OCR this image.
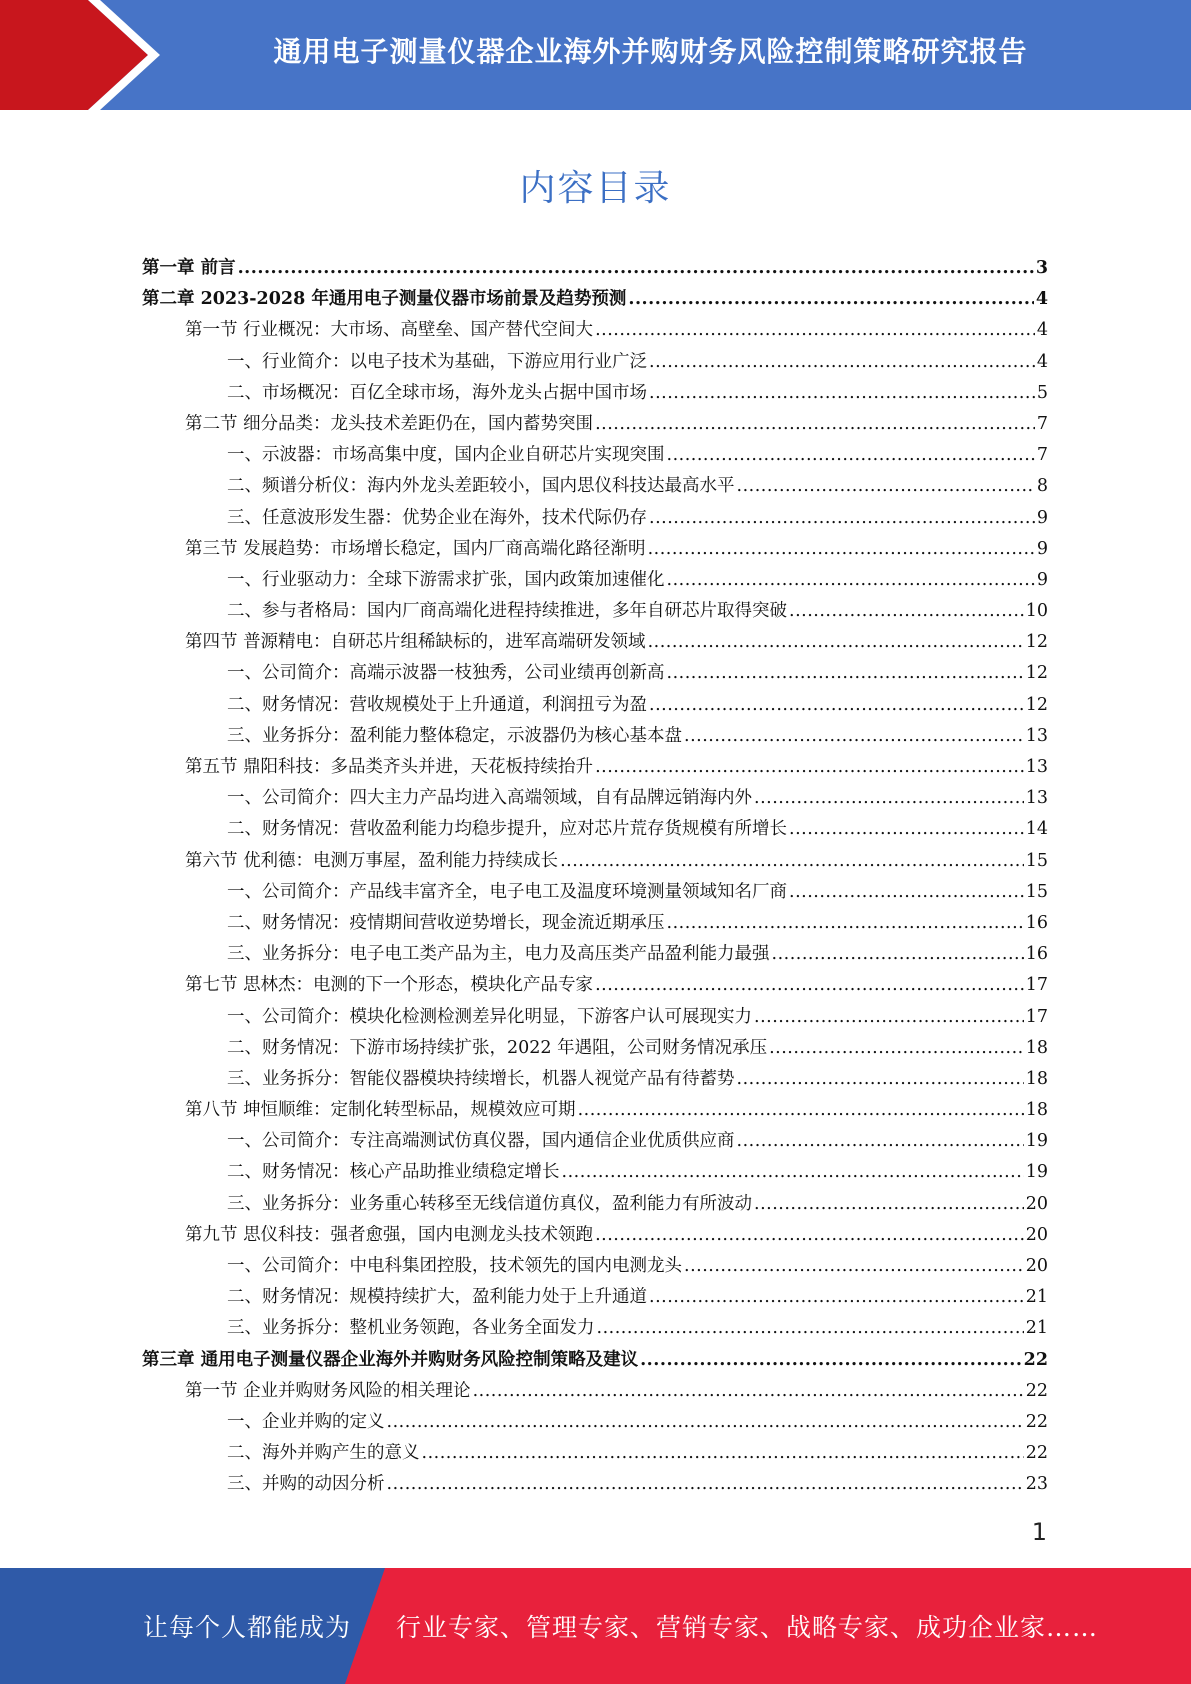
通用电子测量仪器企业海外并购财务风险控制策略研究报告
内容目录
第一章 前言 .....	3
第二章 2023-2028 年通用电子测量仪器市场前景及趋势预测 .....	4
第一节 行业概况：大市场、高壁垒、国产替代空间大 .....	4
一、行业简介：以电子技术为基础，下游应用行业广泛 .....	4
二、市场概况：百亿全球市场，海外龙头占据中国市场 .....	5
第二节 细分品类：龙头技术差距仍在，国内蓄势突围 .....	7
一、示波器：市场高集中度，国内企业自研芯片实现突围 .....	7
二、频谱分析仪：海内外龙头差距较小，国内思仪科技达最高水平 .....	8
三、任意波形发生器：优势企业在海外，技术代际仍存 .....	9
第三节 发展趋势：市场增长稳定，国内厂商高端化路径渐明 .....	9
一、行业驱动力：全球下游需求扩张，国内政策加速催化 .....	9
二、参与者格局：国内厂商高端化进程持续推进，多年自研芯片取得突破 .....	10
第四节 普源精电：自研芯片组稀缺标的，进军高端研发领域 .....	12
一、公司简介：高端示波器一枝独秀，公司业绩再创新高 .....	12
二、财务情况：营收规模处于上升通道，利润扭亏为盈 .....	12
三、业务拆分：盈利能力整体稳定，示波器仍为核心基本盘 .....	13
第五节 鼎阳科技：多品类齐头并进，天花板持续抬升 .....	13
一、公司简介：四大主力产品均进入高端领域，自有品牌远销海内外 .....	13
二、财务情况：营收盈利能力均稳步提升，应对芯片荒存货规模有所增长 .....	14
第六节 优利德：电测万事屋，盈利能力持续成长 .....	15
一、公司简介：产品线丰富齐全，电子电工及温度环境测量领域知名厂商 .....	15
二、财务情况：疫情期间营收逆势增长，现金流近期承压 .....	16
三、业务拆分：电子电工类产品为主，电力及高压类产品盈利能力最强 .....	16
第七节 思林杰：电测的下一个形态，模块化产品专家 .....	17
一、公司简介：模块化检测检测差异化明显，下游客户认可展现实力 .....	17
二、财务情况：下游市场持续扩张，2022 年遇阻，公司财务情况承压 .....	18
三、业务拆分：智能仪器模块持续增长，机器人视觉产品有待蓄势 .....	18
第八节 坤恒顺维：定制化转型标品，规模效应可期 .....	18
一、公司简介：专注高端测试仿真仪器，国内通信企业优质供应商 .....	19
二、财务情况：核心产品助推业绩稳定增长 .....	19
三、业务拆分：业务重心转移至无线信道仿真仪，盈利能力有所波动 .....	20
第九节 思仪科技：强者愈强，国内电测龙头技术领跑 .....	20
一、公司简介：中电科集团控股，技术领先的国内电测龙头 .....	20
二、财务情况：规模持续扩大，盈利能力处于上升通道 .....	21
三、业务拆分：整机业务领跑，各业务全面发力 .....	21
第三章 通用电子测量仪器企业海外并购财务风险控制策略及建议 .....	22
第一节 企业并购财务风险的相关理论 .....	22
一、企业并购的定义 .....	22
二、海外并购产生的意义 .....	22
三、并购的动因分析 .....	23
1
让每个人都能成为 行业专家、管理专家、营销专家、战略专家、成功企业家……
